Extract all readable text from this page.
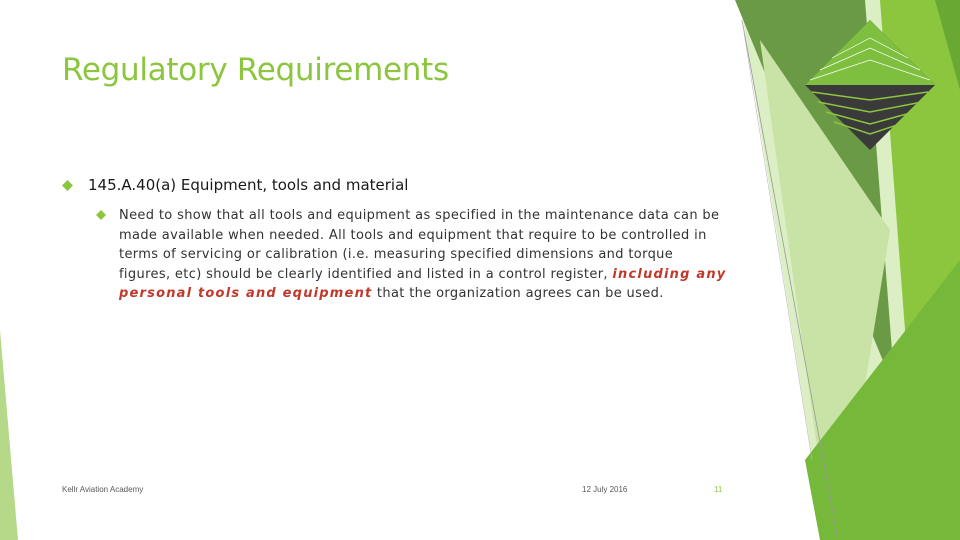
Regulatory Requirements
145.A.40(a) Equipment, tools and material
Need to show that all tools and equipment as specified in the maintenance data can be made available when needed. All tools and equipment that require to be controlled in terms of servicing or calibration (i.e. measuring specified dimensions and torque figures, etc) should be clearly identified and listed in a control register, including any personal tools and equipment that the organization agrees can be used.
Kellr Aviation Academy	12 July 2016	11
